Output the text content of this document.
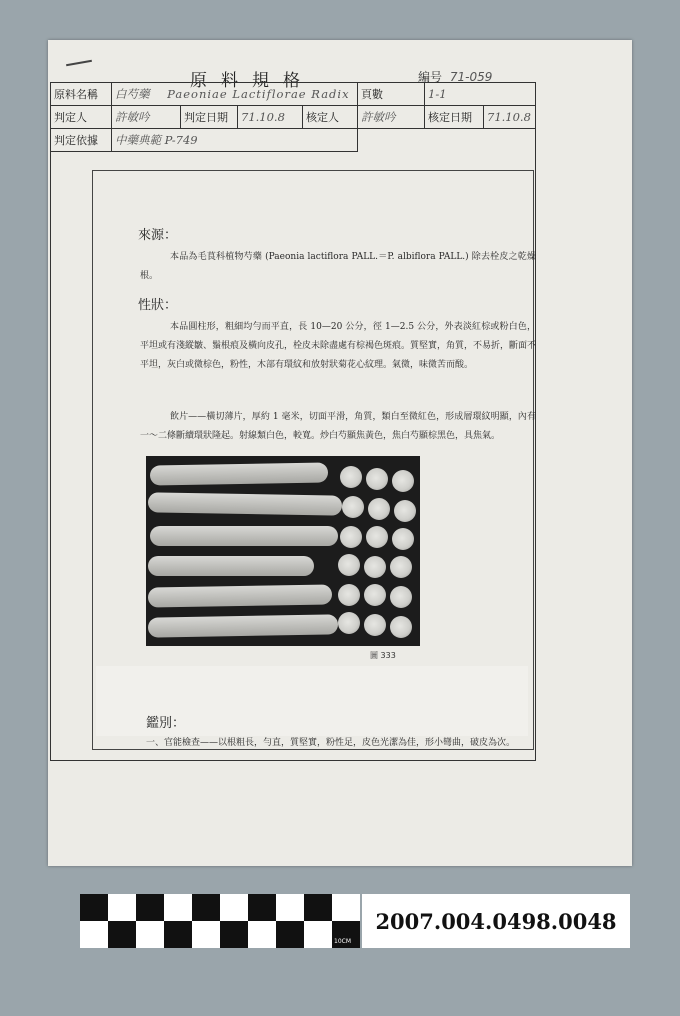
原料規格	編号 71-059
原料名稱	白芍藥 Paeoniae Lactiflorae Radix				頁數	1-1	
判定人	許敏吟	判定日期	71.10.8	核定人	許敏吟	核定日期	71.10.8
判定依據	中藥典範 P-749						
來源：
本品為毛茛科植物芍藥 (Paeonia lactiflora PALL.＝P. albiflora PALL.) 除去栓皮之乾燥根。
性狀：
本品圓柱形，粗細均勻而平直，長 10—20 公分，徑 1—2.5 公分，外表淡紅棕或粉白色，平坦或有淺縱皺、鬚根痕及橫向皮孔，栓皮未除盡處有棕褐色斑痕。質堅實，角質，不易折，斷面不平坦，灰白或微棕色，粉性，木部有環紋和放射狀菊花心紋理。氣微，味微苦而酸。
飲片——橫切薄片，厚約 1 毫米，切面平滑，角質，類白至微紅色，形成層環紋明顯，內有一～二條斷續環狀隆起。射線類白色，較寬。炒白芍顯焦黃色，焦白芍顯棕黑色，具焦氣。
圖 333
鑑別：
一、官能檢查——以根粗長，勻直，質堅實，粉性足，皮色光潔為佳，形小彎曲，破皮為次。
0CM	5CM	10CM
2007.004.0498.0048
